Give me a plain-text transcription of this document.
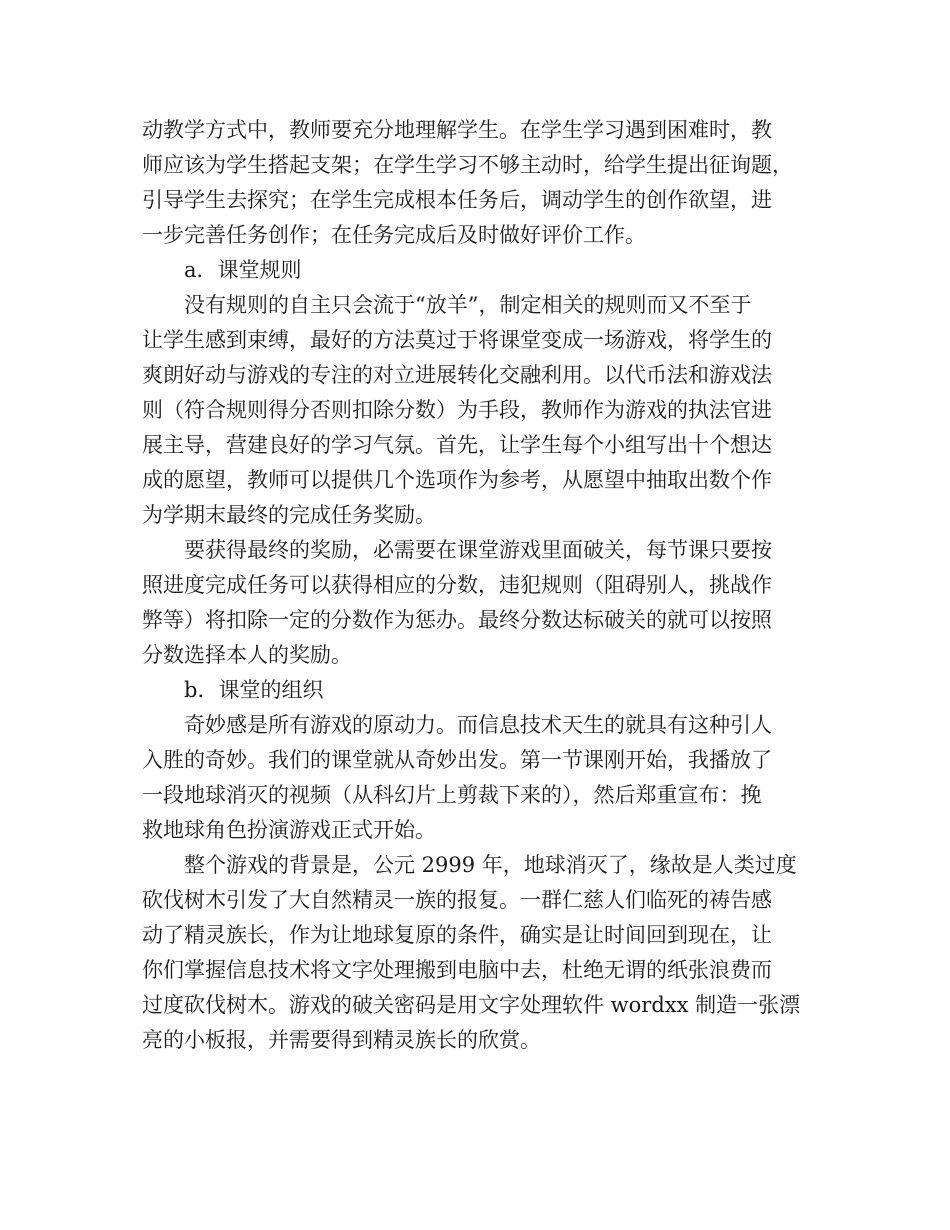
动教学方式中，教师要充分地理解学生。在学生学习遇到困难时，教
师应该为学生搭起支架；在学生学习不够主动时，给学生提出征询题，
引导学生去探究；在学生完成根本任务后，调动学生的创作欲望，进
一步完善任务创作；在任务完成后及时做好评价工作。
a．课堂规则
没有规则的自主只会流于“放羊”，制定相关的规则而又不至于
让学生感到束缚，最好的方法莫过于将课堂变成一场游戏，将学生的
爽朗好动与游戏的专注的对立进展转化交融利用。以代币法和游戏法
则（符合规则得分否则扣除分数）为手段，教师作为游戏的执法官进
展主导，营建良好的学习气氛。首先，让学生每个小组写出十个想达
成的愿望，教师可以提供几个选项作为参考，从愿望中抽取出数个作
为学期末最终的完成任务奖励。
要获得最终的奖励，必需要在课堂游戏里面破关，每节课只要按
照进度完成任务可以获得相应的分数，违犯规则（阻碍别人，挑战作
弊等）将扣除一定的分数作为惩办。最终分数达标破关的就可以按照
分数选择本人的奖励。
b．课堂的组织
奇妙感是所有游戏的原动力。而信息技术天生的就具有这种引人
入胜的奇妙。我们的课堂就从奇妙出发。第一节课刚开始，我播放了
一段地球消灭的视频（从科幻片上剪裁下来的），然后郑重宣布：挽
救地球角色扮演游戏正式开始。
整个游戏的背景是，公元 2999 年，地球消灭了，缘故是人类过度
砍伐树木引发了大自然精灵一族的报复。一群仁慈人们临死的祷告感
动了精灵族长，作为让地球复原的条件，确实是让时间回到现在，让
你们掌握信息技术将文字处理搬到电脑中去，杜绝无谓的纸张浪费而
过度砍伐树木。游戏的破关密码是用文字处理软件 wordxx 制造一张漂
亮的小板报，并需要得到精灵族长的欣赏。
